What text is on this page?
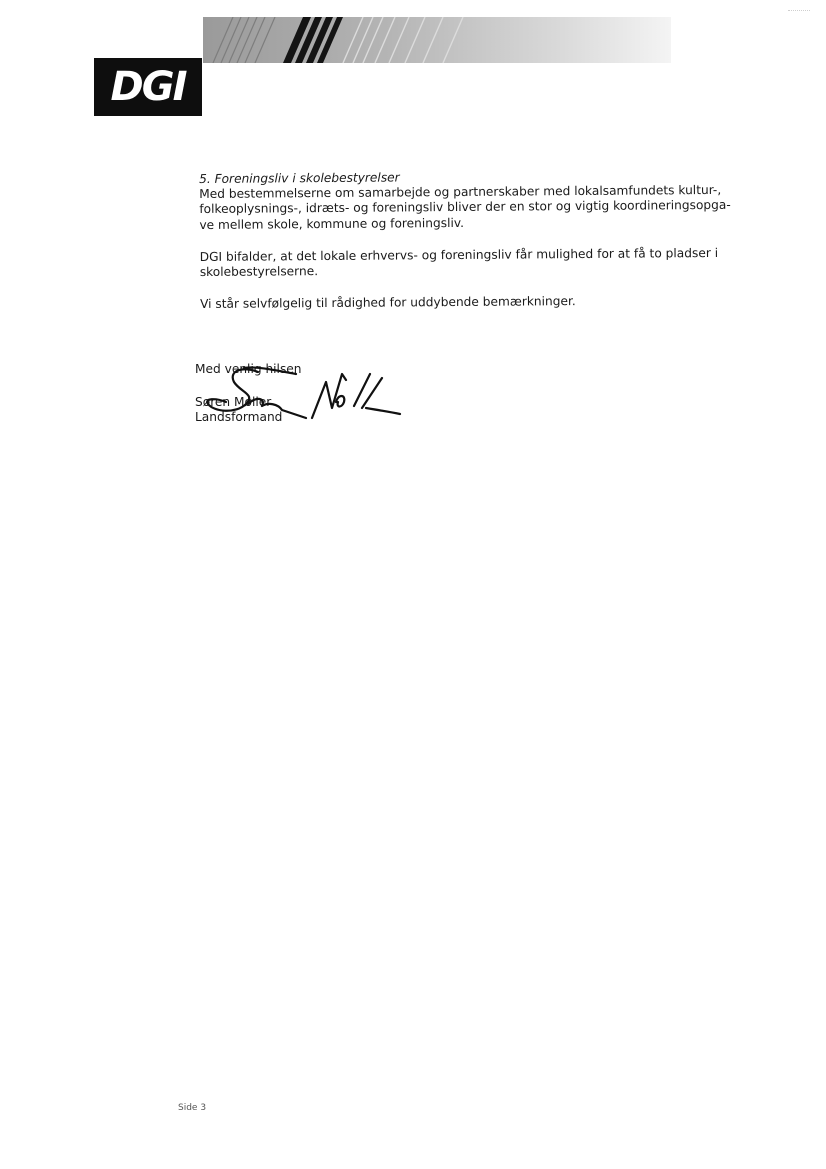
DGI

5. Foreningsliv i skolebestyrelser

Med bestemmelserne om samarbejde og partnerskaber med lokalsamfundets kultur-,

folkeoplysnings-, idræts- og foreningsliv bliver der en stor og vigtig koordineringsopga-

ve mellem skole, kommune og foreningsliv.

DGI bifalder, at det lokale erhvervs- og foreningsliv får mulighed for at få to pladser i

skolebestyrelserne.

Vi står selvfølgelig til rådighed for uddybende bemærkninger.

Med venlig hilsen
Søren Møller
Landsformand
Side 3
